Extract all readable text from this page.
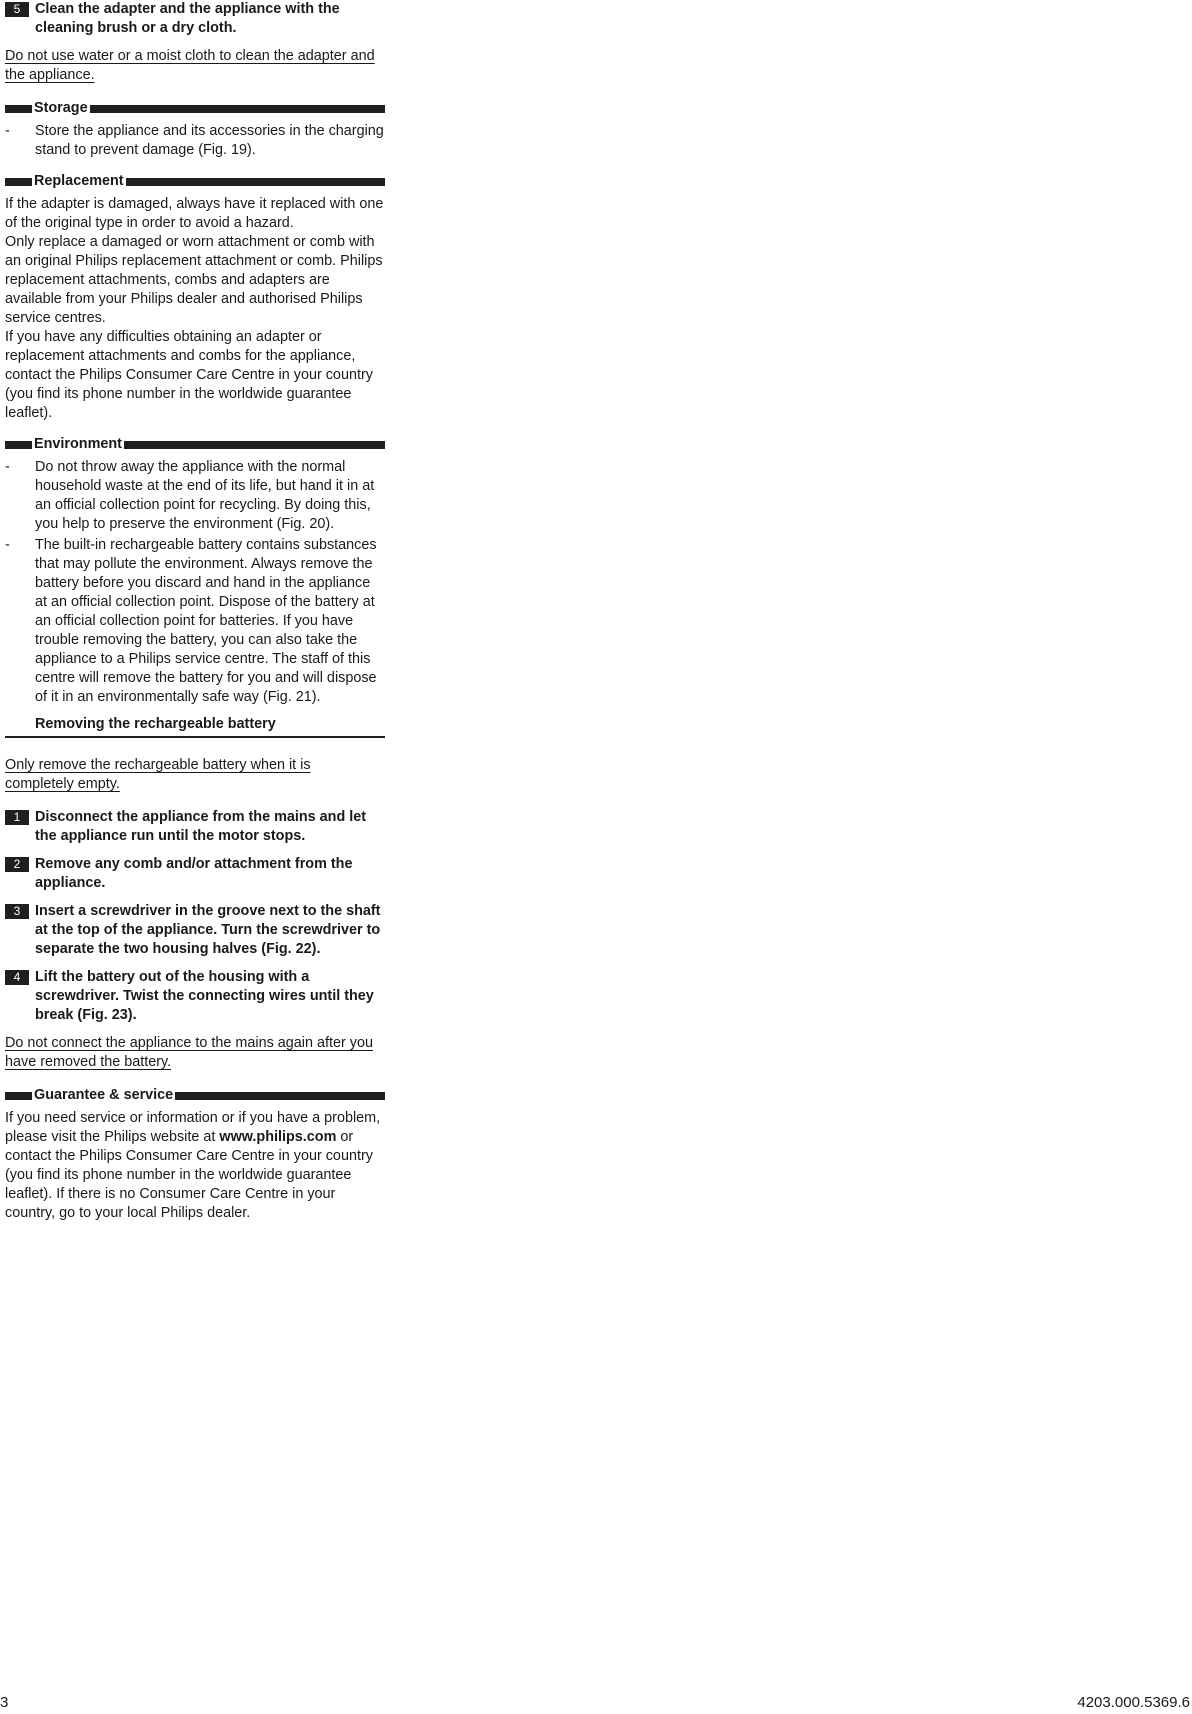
5	Clean the adapter and the appliance with the cleaning brush or a dry cloth.
Do not use water or a moist cloth to clean the adapter and the appliance.
Storage
- Store the appliance and its accessories in the charging stand to prevent damage (Fig. 19).
Replacement

If the adapter is damaged, always have it replaced with one of the original type in order to avoid a hazard.

Only replace a damaged or worn attachment or comb with an original Philips replacement attachment or comb. Philips replacement attachments, combs and adapters are available from your Philips dealer and authorised Philips service centres.

If you have any difficulties obtaining an adapter or replacement attachments and combs for the appliance, contact the Philips Consumer Care Centre in your country (you find its phone number in the worldwide guarantee leaflet).

Environment
- Do not throw away the appliance with the normal household waste at the end of its life, but hand it in at an official collection point for recycling. By doing this, you help to preserve the environment (Fig. 20).
- The built-in rechargeable battery contains substances that may pollute the environment. Always remove the battery before you discard and hand in the appliance at an official collection point. Dispose of the battery at an official collection point for batteries. If you have trouble removing the battery, you can also take the appliance to a Philips service centre. The staff of this centre will remove the battery for you and will dispose of it in an environmentally safe way (Fig. 21).
Removing the rechargeable battery
Only remove the rechargeable battery when it is completely empty.
1	Disconnect the appliance from the mains and let the appliance run until the motor stops.
2	Remove any comb and/or attachment from the appliance.
3	Insert a screwdriver in the groove next to the shaft at the top of the appliance. Turn the screwdriver to separate the two housing halves (Fig. 22).
4	Lift the battery out of the housing with a screwdriver. Twist the connecting wires until they break (Fig. 23).
Do not connect the appliance to the mains again after you have removed the battery.
Guarantee & service

If you need service or information or if you have a problem, please visit the Philips website at www.philips.com or contact the Philips Consumer Care Centre in your country (you find its phone number in the worldwide guarantee leaflet). If there is no Consumer Care Centre in your country, go to your local Philips dealer.

3	4203.000.5369.6
